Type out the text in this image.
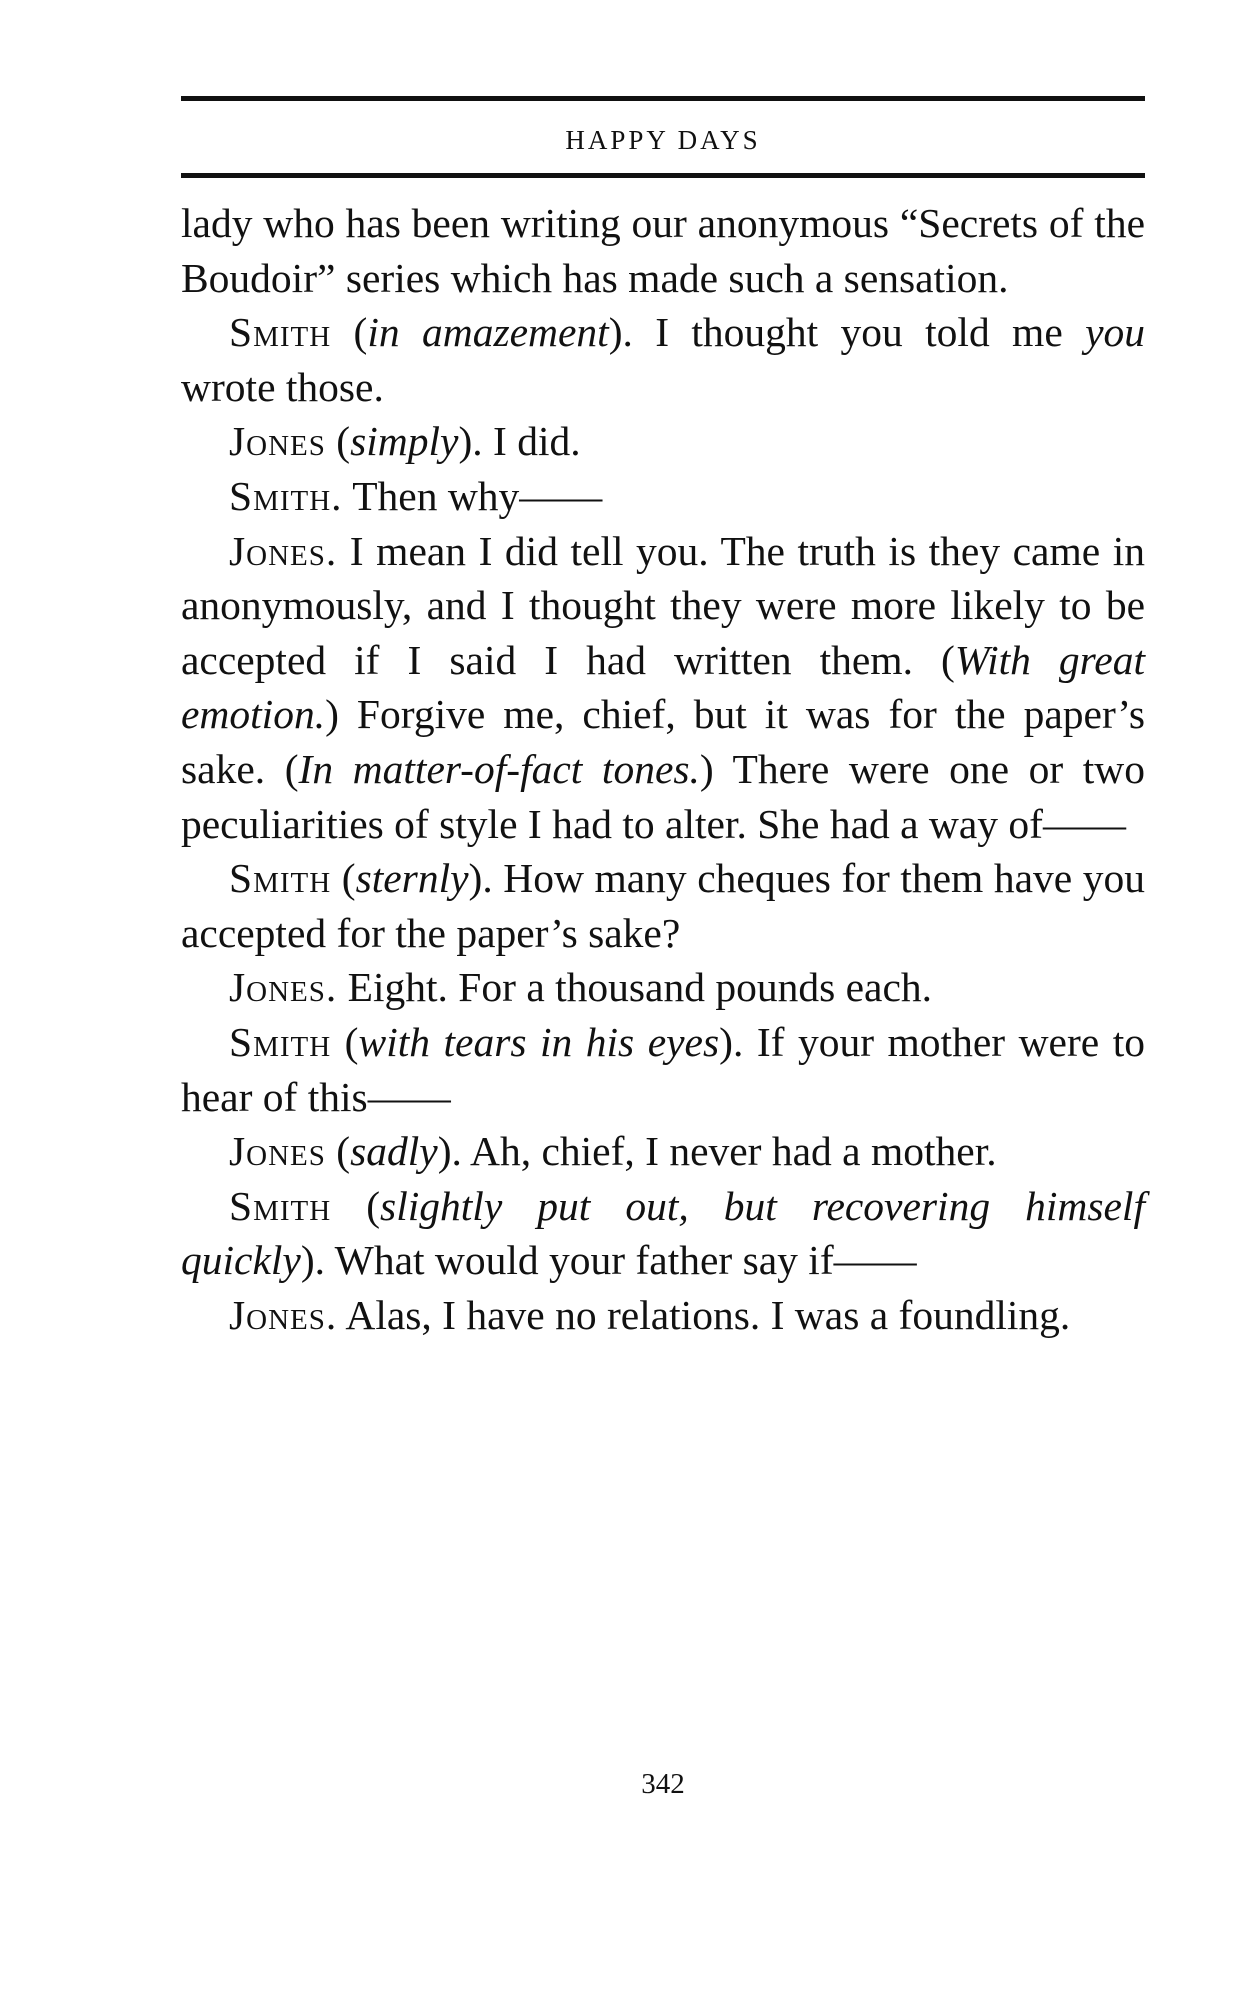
HAPPY DAYS

lady who has been writing our anonymous “Secrets of the Boudoir” series which has made such a sensation.

Smith (in amazement). I thought you told me you wrote those.

Jones (simply). I did.

Smith. Then why——

Jones. I mean I did tell you. The truth is they came in anonymously, and I thought they were more likely to be accepted if I said I had written them. (With great emotion.) Forgive me, chief, but it was for the paper’s sake. (In matter-of-fact tones.) There were one or two peculiarities of style I had to alter. She had a way of——

Smith (sternly). How many cheques for them have you accepted for the paper’s sake?

Jones. Eight. For a thousand pounds each.

Smith (with tears in his eyes). If your mother were to hear of this——

Jones (sadly). Ah, chief, I never had a mother.

Smith (slightly put out, but recovering himself quickly). What would your father say if——

Jones. Alas, I have no relations. I was a foundling.

342
